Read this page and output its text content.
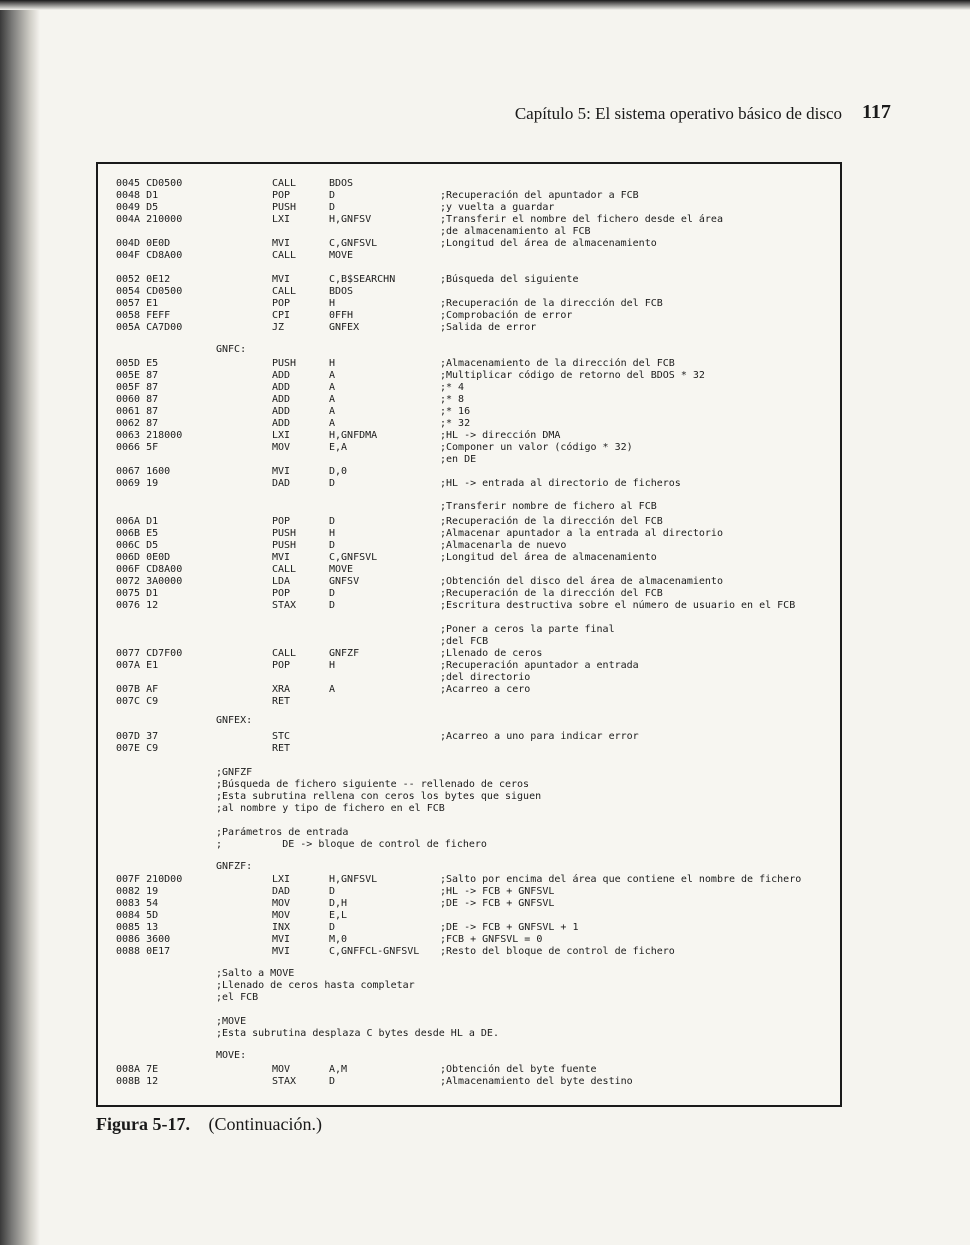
Capítulo 5: El sistema operativo básico de disco 117
0045 CD0500	CALL	BDOS
0048 D1	POP	D	;Recuperación del apuntador a FCB
0049 D5	PUSH	D	;y vuelta a guardar
004A 210000	LXI	H,GNFSV	;Transferir el nombre del fichero desde el área
;de almacenamiento al FCB
004D 0E0D	MVI	C,GNFSVL	;Longitud del área de almacenamiento
004F CD8A00	CALL	MOVE
0052 0E12	MVI	C,B$SEARCHN	;Búsqueda del siguiente
0054 CD0500	CALL	BDOS
0057 E1	POP	H	;Recuperación de la dirección del FCB
0058 FEFF	CPI	0FFH	;Comprobación de error
005A CA7D00	JZ	GNFEX	;Salida de error
GNFC:
005D E5	PUSH	H	;Almacenamiento de la dirección del FCB
005E 87	ADD	A	;Multiplicar código de retorno del BDOS * 32
005F 87	ADD	A	;* 4
0060 87	ADD	A	;* 8
0061 87	ADD	A	;* 16
0062 87	ADD	A	;* 32
0063 218000	LXI	H,GNFDMA	;HL -> dirección DMA
0066 5F	MOV	E,A	;Componer un valor (código * 32)
;en DE
0067 1600	MVI	D,0
0069 19	DAD	D	;HL -> entrada al directorio de ficheros
;Transferir nombre de fichero al FCB
006A D1	POP	D	;Recuperación de la dirección del FCB
006B E5	PUSH	H	;Almacenar apuntador a la entrada al directorio
006C D5	PUSH	D	;Almacenarla de nuevo
006D 0E0D	MVI	C,GNFSVL	;Longitud del área de almacenamiento
006F CD8A00	CALL	MOVE
0072 3A0000	LDA	GNFSV	;Obtención del disco del área de almacenamiento
0075 D1	POP	D	;Recuperación de la dirección del FCB
0076 12	STAX	D	;Escritura destructiva sobre el número de usuario en el FCB
;Poner a ceros la parte final
;del FCB
0077 CD7F00	CALL	GNFZF	;Llenado de ceros
007A E1	POP	H	;Recuperación apuntador a entrada
;del directorio
007B AF	XRA	A	;Acarreo a cero
007C C9	RET
GNFEX:
007D 37	STC	;Acarreo a uno para indicar error
007E C9	RET
;GNFZF
;Búsqueda de fichero siguiente -- rellenado de ceros
;Esta subrutina rellena con ceros los bytes que siguen
;al nombre y tipo de fichero en el FCB
;Parámetros de entrada
;          DE -> bloque de control de fichero
GNFZF:
007F 210D00	LXI	H,GNFSVL	;Salto por encima del área que contiene el nombre de fichero
0082 19	DAD	D	;HL -> FCB + GNFSVL
0083 54	MOV	D,H	;DE -> FCB + GNFSVL
0084 5D	MOV	E,L
0085 13	INX	D	;DE -> FCB + GNFSVL + 1
0086 3600	MVI	M,0	;FCB + GNFSVL = 0
0088 0E17	MVI	C,GNFFCL-GNFSVL ;Resto del bloque de control de fichero
;Salto a MOVE
;Llenado de ceros hasta completar
;el FCB
;MOVE
;Esta subrutina desplaza C bytes desde HL a DE.
MOVE:
008A 7E	MOV	A,M	;Obtención del byte fuente
008B 12	STAX	D	;Almacenamiento del byte destino
Figura 5-17. (Continuación.)
